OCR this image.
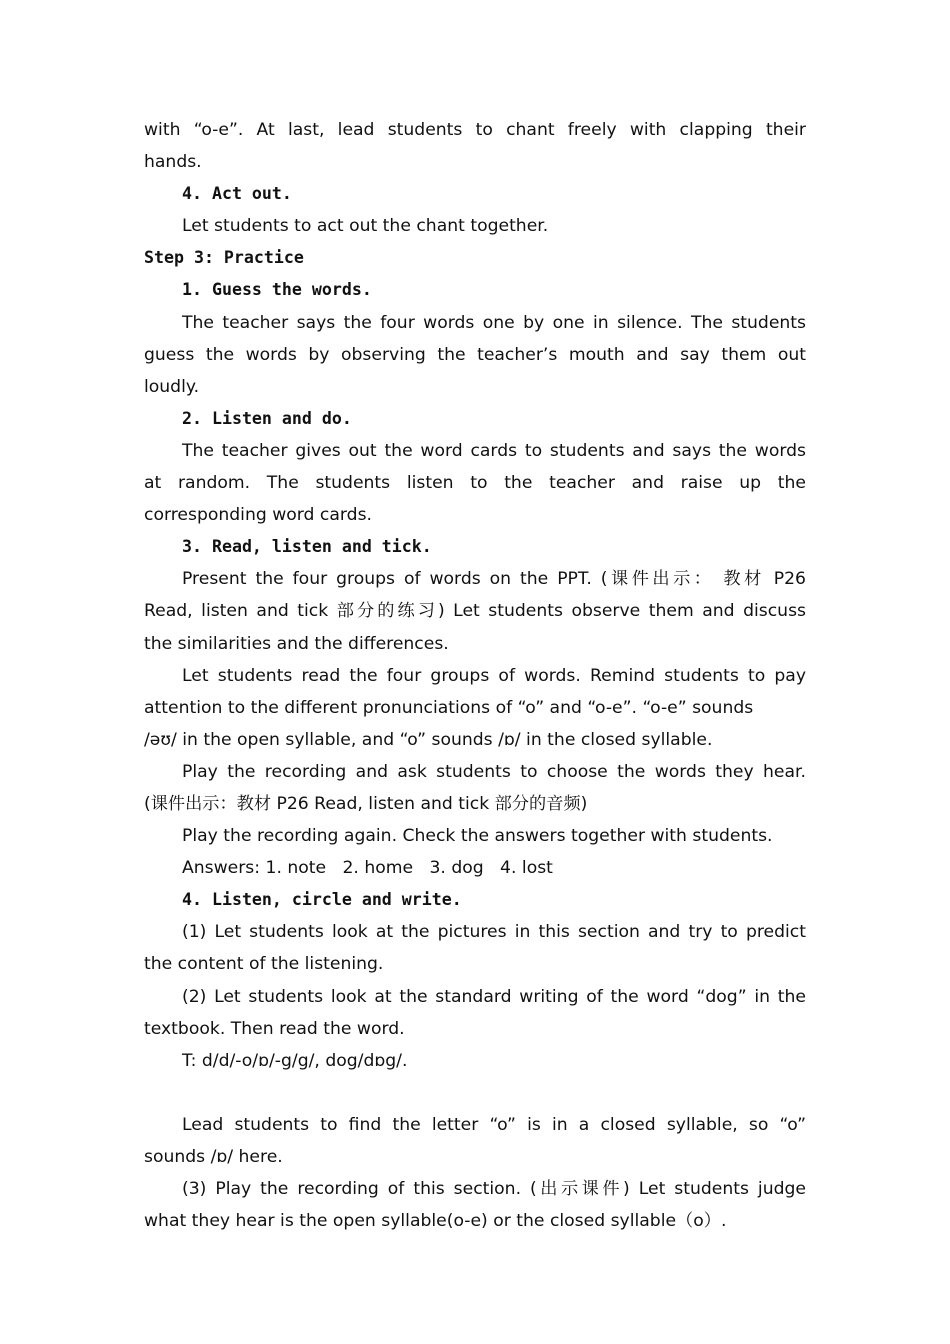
with “o-e”. At last, lead students to chant freely with clapping their
hands.
4. Act out.
Let students to act out the chant together.
Step 3: Practice
1. Guess the words.
The teacher says the four words one by one in silence. The students
guess the words by observing the teacher’s mouth and say them out
loudly.
2. Listen and do.
The teacher gives out the word cards to students and says the words
at random. The students listen to the teacher and raise up the
corresponding word cards.
3. Read, listen and tick.
Present the four groups of words on the PPT. (课件出示： 教材 P26
Read, listen and tick 部分的练习) Let students observe them and discuss
the similarities and the differences.
Let students read the four groups of words. Remind students to pay
attention to the different pronunciations of “o” and “o-e”. “o-e” sounds
/əʊ/ in the open syllable, and “o” sounds /ɒ/ in the closed syllable.
Play the recording and ask students to choose the words they hear.
(课件出示：教材 P26 Read, listen and tick 部分的音频)
Play the recording again. Check the answers together with students.
Answers: 1. note   2. home   3. dog   4. lost
4. Listen, circle and write.
(1) Let students look at the pictures in this section and try to predict
the content of the listening.
(2) Let students look at the standard writing of the word “dog” in the
textbook. Then read the word.
T: d/d/-o/ɒ/-g/g/, dog/dɒg/.
Lead students to find the letter “o” is in a closed syllable, so “o”
sounds /ɒ/ here.
(3) Play the recording of this section. (出示课件) Let students judge
what they hear is the open syllable(o-e) or the closed syllable（o）.
